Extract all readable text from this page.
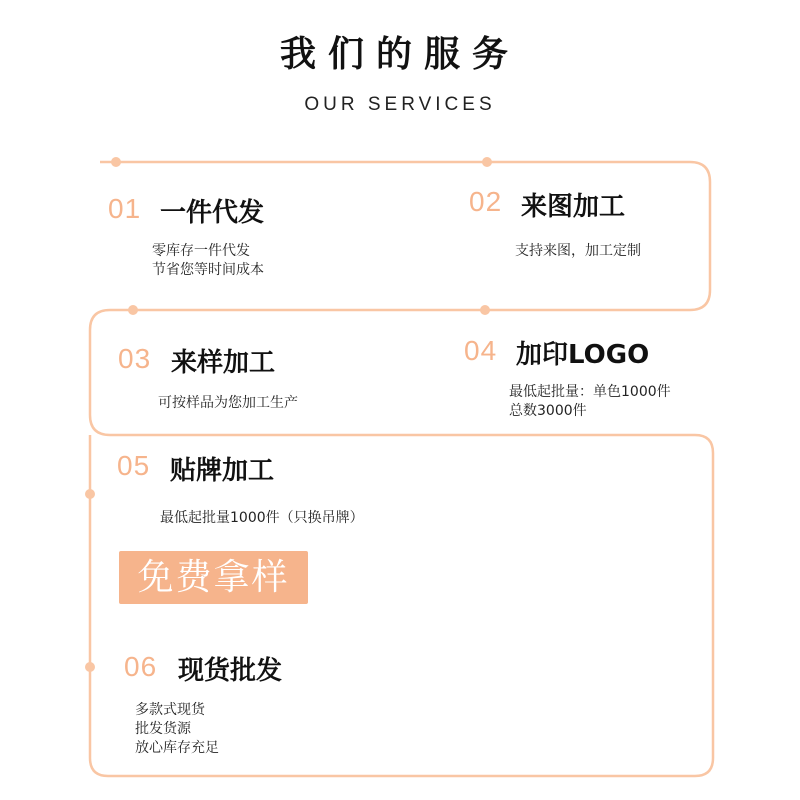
我们的服务
OUR SERVICES
01 一件代发
零库存一件代发
节省您等时间成本
02 来图加工
支持来图，加工定制
03 来样加工
可按样品为您加工生产
04 加印LOGO
最低起批量：单色1000件
总数3000件
05 贴牌加工
最低起批量1000件（只换吊牌）
免费拿样
06 现货批发
多款式现货
批发货源
放心库存充足
